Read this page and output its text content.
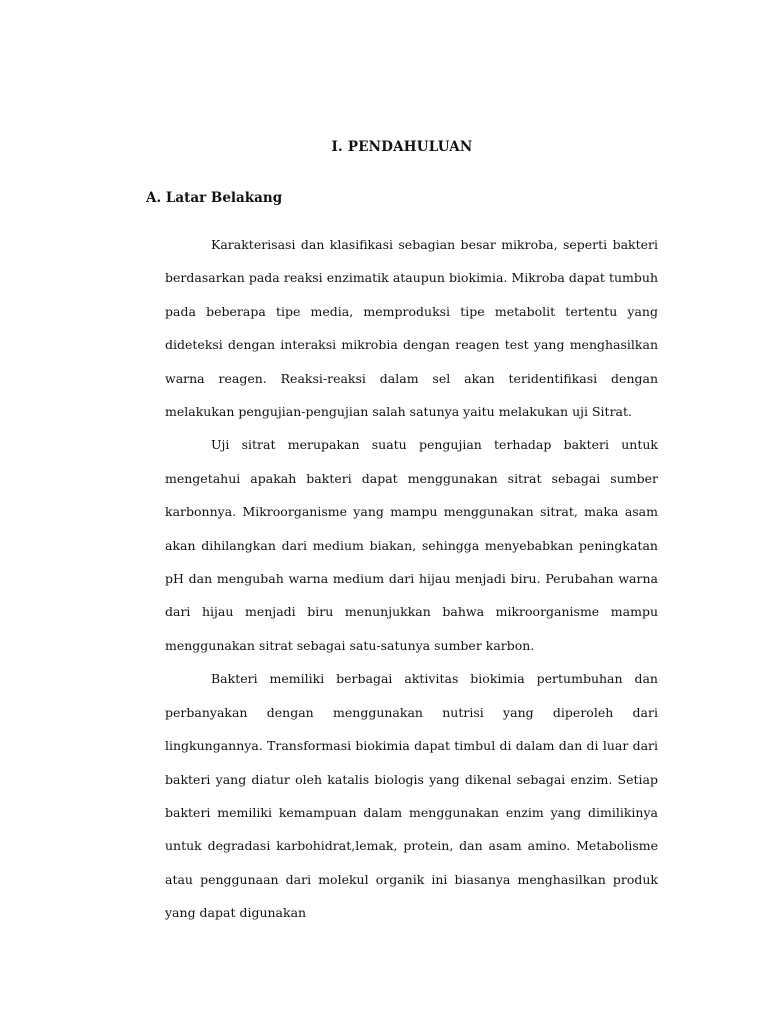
I. PENDAHULUAN
A. Latar Belakang

Karakterisasi dan klasifikasi sebagian besar mikroba, seperti bakteri berdasarkan pada reaksi enzimatik ataupun biokimia. Mikroba dapat tumbuh pada beberapa tipe media, memproduksi tipe metabolit tertentu yang dideteksi dengan interaksi mikrobia dengan reagen test yang menghasilkan warna reagen. Reaksi-reaksi dalam sel akan teridentifikasi dengan melakukan pengujian-pengujian salah satunya yaitu melakukan uji Sitrat.

Uji sitrat merupakan suatu pengujian terhadap bakteri untuk mengetahui apakah bakteri dapat menggunakan sitrat sebagai sumber karbonnya. Mikroorganisme yang mampu menggunakan sitrat, maka asam akan dihilangkan dari medium biakan, sehingga menyebabkan peningkatan pH dan mengubah warna medium dari hijau menjadi biru. Perubahan warna dari hijau menjadi biru menunjukkan bahwa mikroorganisme mampu menggunakan sitrat sebagai satu-satunya sumber karbon.

Bakteri memiliki berbagai aktivitas biokimia pertumbuhan dan perbanyakan dengan menggunakan nutrisi yang diperoleh dari lingkungannya. Transformasi biokimia dapat timbul di dalam dan di luar dari bakteri yang diatur oleh katalis biologis yang dikenal sebagai enzim. Setiap bakteri memiliki kemampuan dalam menggunakan enzim yang dimilikinya untuk degradasi karbohidrat,lemak, protein, dan asam amino. Metabolisme atau penggunaan dari molekul organik ini biasanya menghasilkan produk yang dapat digunakan
